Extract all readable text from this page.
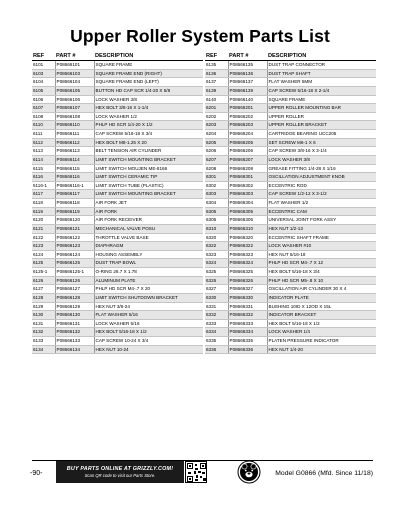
Upper Roller System Parts List
REF	PART #	DESCRIPTION
6101	P08666101	SQUARE FRAME
6103	P08666103	SQUARE FRAME END (RIGHT)
6104	P08666104	SQUARE FRAME END (LEFT)
6105	P08666105	BUTTON HD CAP SCR 1/4-20 X 5/8
6106	P08666106	LOCK WASHER 3/8
6107	P08666107	HEX BOLT 3/8-16 X 1-1/4
6108	P08666108	LOCK WASHER 1/2
6110	P08666110	PHLP HD SCR 1/4-20 X 1/2
6111	P08666111	CAP SCREW 5/16-18 X 3/4
6112	P08666112	HEX BOLT M8-1.25 X 20
6113	P08666113	BELT TENSION AIR CYLINDER
6114	P08666114	LIMIT SWITCH MOUNTING BRACKET
6115	P08666115	LIMIT SWITCH MOUJEN ME-8166
6116	P08666116	LIMIT SWITCH CERAMIC TIP
5116-1	P08666116-1	LIMIT SWITCH TUBE (PLASTIC)
6117	P08666117	LIMIT SWITCH MOUNTING BRACKET
6118	P08666118	AIR FORK JET
6119	P08666119	AIR FORK
6120	P08666120	AIR FORK RECEIVER
6121	P08666121	MECHANICAL VALVE POSU
6122	P08666122	THROTTLE VALVE BASE
6123	P08666123	DIAPHRAGM
6124	P08666124	HOUSING ASSEMBLY
6125	P08666125	DUST TRAP BOWL
6125-1	P08666125-1	O-RING 26.7 X 1.78
6126	P08666126	ALUMINUM PLATE
6127	P08666127	PHLP HD SCR M4-.7 X 20
6128	P08666128	LIMIT SWITCH SHUTDOWN BRACKET
6129	P08666129	HEX NUT 3/8-24
6130	P08666130	FLAT WASHER 5/16
6131	P08666131	LOCK WASHER 5/16
6132	P08666132	HEX BOLT 5/16-18 X 1/2
6133	P08666133	CAP SCREW 10-24 X 3/4
6134	P08666134	HEX NUT 10-24
REF	PART #	DESCRIPTION
6135	P08666135	DUST TRAP CONNECTOR
6136	P08666136	DUST TRAP SHAFT
6137	P08666137	FLAT WASHER 5MM
6139	P08666139	CAP SCREW 5/16-18 X 2-1/4
6140	P08666140	SQUARE FRAME
6201	P08666201	UPPER ROLLER MOUNTING BAR
6202	P08666202	UPPER ROLLER
6203	P08666203	UPPER ROLLER BRACKET
6204	P08666204	CARTRIDGE BEARING UCC205
6205	P08666205	SET SCREW M6-1 X 6
6206	P08666206	CAP SCREW 3/8-16 X 3-1/4
6207	P08666207	LOCK WASHER 3/8
6208	P08666208	GREASE FITTING 1/4-28 X 1/16
6301	P08666301	OSCILLATION ADJUSTMENT KNOB
6302	P08666302	ECCENTRIC ROD
6303	P08666303	CAP SCREW 1/2-12 X 3-1/2
6304	P08666304	FLAT WASHER 1/2
6305	P08666305	ECCENTRIC CAM
6306	P08666306	UNIVERSAL JOINT FORK ASSY
6310	P08666310	HEX NUT 1/2-13
6320	P08666320	ECCENTRIC SHAFT FRAME
6322	P08666322	LOCK WASHER #10
6323	P08666323	HEX NUT 5/16-18
6324	P08666324	PHLP HD SCR M4-.7 X 12
6325	P08666325	HEX BOLT 5/16-18 X 3/4
6326	P08666326	PHLP HD SCR M5-.8 X 10
6327	P08666327	OSCILLATION AIR CYLINDER 30 X 4
6330	P08666330	INDICATOR PLATE
6331	P08666331	BUSHING 10ID X 12OD X 15L
6332	P08666332	INDICATOR BRACKET
6333	P08666333	HEX BOLT 5/16-18 X 1/2
6334	P08666334	LOCK WASHER 1/4
6335	P08666335	PLATEN PRESSURE INDICATOR
6336	P08666336	HEX NUT 1/4-20
-90-
BUY PARTS ONLINE AT GRIZZLY.COM!
Scan QR code to visit our Parts Store.	Model G0866 (Mfd. Since 11/18)
